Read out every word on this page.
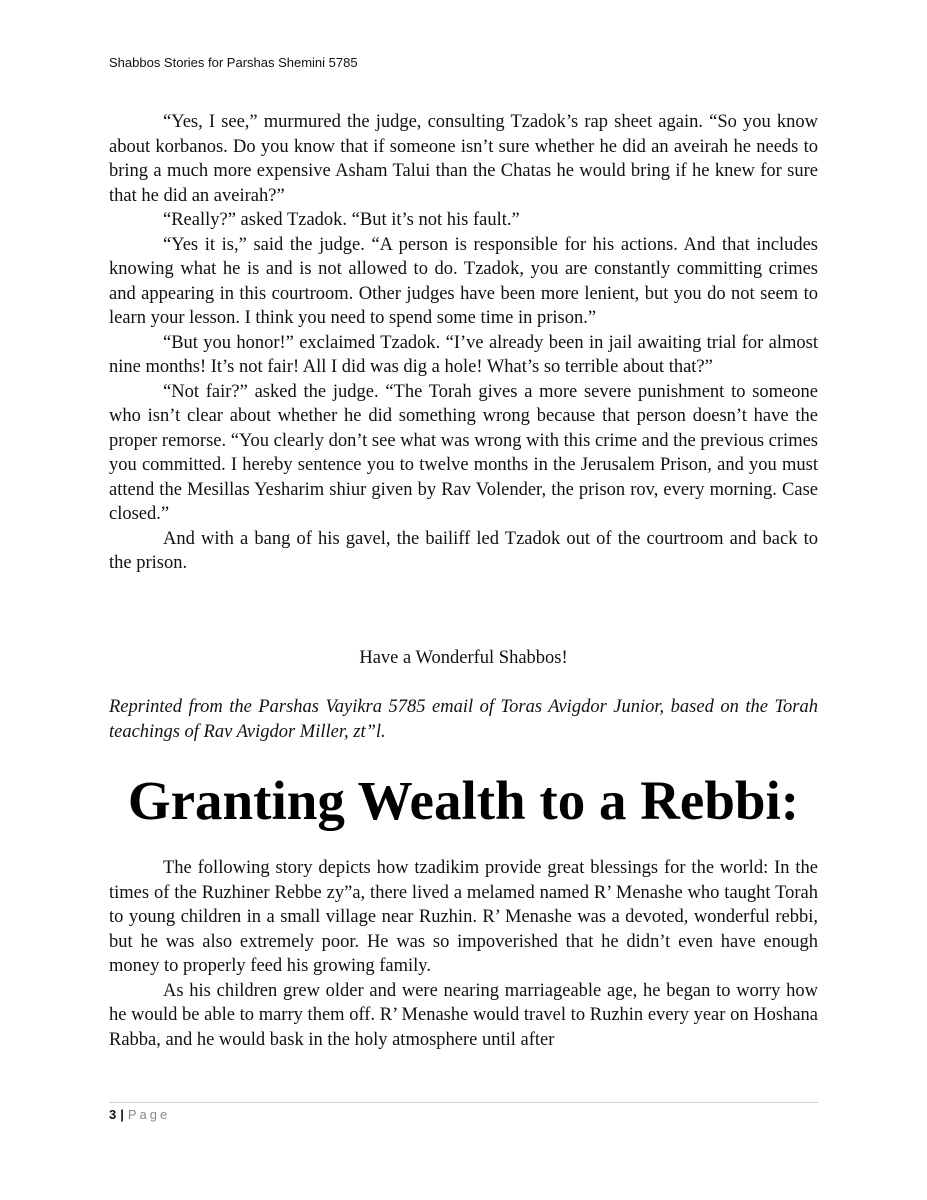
Shabbos Stories for Parshas Shemini 5785

“Yes, I see,” murmured the judge, consulting Tzadok’s rap sheet again. “So you know about korbanos. Do you know that if someone isn’t sure whether he did an aveirah he needs to bring a much more expensive Asham Talui than the Chatas he would bring if he knew for sure that he did an aveirah?”

“Really?” asked Tzadok. “But it’s not his fault.”

“Yes it is,” said the judge. “A person is responsible for his actions. And that includes knowing what he is and is not allowed to do. Tzadok, you are constantly committing crimes and appearing in this courtroom. Other judges have been more lenient, but you do not seem to learn your lesson. I think you need to spend some time in prison.”

“But you honor!” exclaimed Tzadok. “I’ve already been in jail awaiting trial for almost nine months! It’s not fair! All I did was dig a hole! What’s so terrible about that?”

“Not fair?” asked the judge. “The Torah gives a more severe punishment to someone who isn’t clear about whether he did something wrong because that person doesn’t have the proper remorse. “You clearly don’t see what was wrong with this crime and the previous crimes you committed. I hereby sentence you to twelve months in the Jerusalem Prison, and you must attend the Mesillas Yesharim shiur given by Rav Volender, the prison rov, every morning. Case closed.”

And with a bang of his gavel, the bailiff led Tzadok out of the courtroom and back to the prison.

Have a Wonderful Shabbos!
Reprinted from the Parshas Vayikra 5785 email of Toras Avigdor Junior, based on the Torah teachings of Rav Avigdor Miller, zt”l.
Granting Wealth to a Rebbi:

The following story depicts how tzadikim provide great blessings for the world: In the times of the Ruzhiner Rebbe zy”a, there lived a melamed named R’ Menashe who taught Torah to young children in a small village near Ruzhin. R’ Menashe was a devoted, wonderful rebbi, but he was also extremely poor. He was so impoverished that he didn’t even have enough money to properly feed his growing family.

As his children grew older and were nearing marriageable age, he began to worry how he would be able to marry them off. R’ Menashe would travel to Ruzhin every year on Hoshana Rabba, and he would bask in the holy atmosphere until after

3 | Page
